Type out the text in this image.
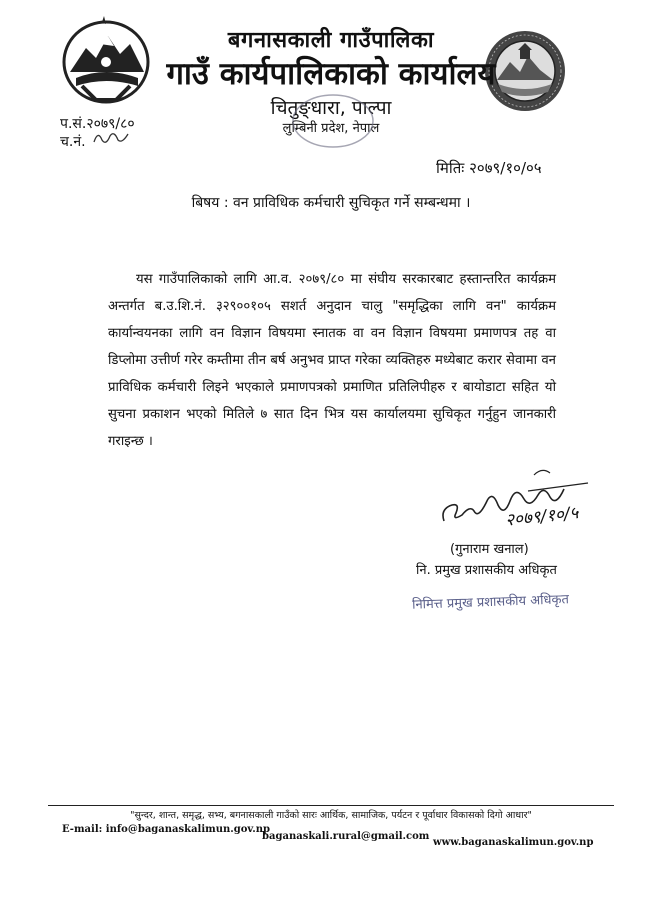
बगनासकाली गाउँपालिका
गाउँ कार्यपालिकाको कार्यालय
चितुङ्धारा, पाल्पा
लुम्बिनी प्रदेश, नेपाल
प.सं.२०७९/८०
च.नं.
मितिः २०७९/१०/०५
बिषय : वन प्राविधिक कर्मचारी सुचिकृत गर्ने सम्बन्धमा ।
यस गाउँपालिकाको लागि आ.व. २०७९/८० मा संघीय सरकारबाट हस्तान्तरित कार्यक्रम अन्तर्गत ब.उ.शि.नं. ३२९००१०५ सशर्त अनुदान चालु "समृद्धिका लागि वन" कार्यक्रम कार्यान्वयनका लागि वन विज्ञान विषयमा स्नातक वा वन विज्ञान विषयमा प्रमाणपत्र तह वा डिप्लोमा उत्तीर्ण गरेर कम्तीमा तीन बर्ष अनुभव प्राप्त गरेका व्यक्तिहरु मध्येबाट करार सेवामा वन प्राविधिक कर्मचारी लिइने भएकाले प्रमाणपत्रको प्रमाणित प्रतिलिपीहरु र बायोडाटा सहित यो सुचना प्रकाशन भएको मितिले ७ सात दिन भित्र यस कार्यालयमा सुचिकृत गर्नुहुन जानकारी गराइन्छ ।
२०७९/१०/५
(गुनाराम खनाल)
नि. प्रमुख प्रशासकीय अधिकृत
निमित्त प्रमुख प्रशासकीय अधिकृत
"सुन्दर, शान्त, समृद्ध, सभ्य, बगनासकाली गाउँको सारः आर्थिक, सामाजिक, पर्यटन र पूर्वाधार विकासको दिगो आधार"
E-mail: info@baganaskalimun.gov.np
baganaskali.rural@gmail.com
www.baganaskalimun.gov.np
